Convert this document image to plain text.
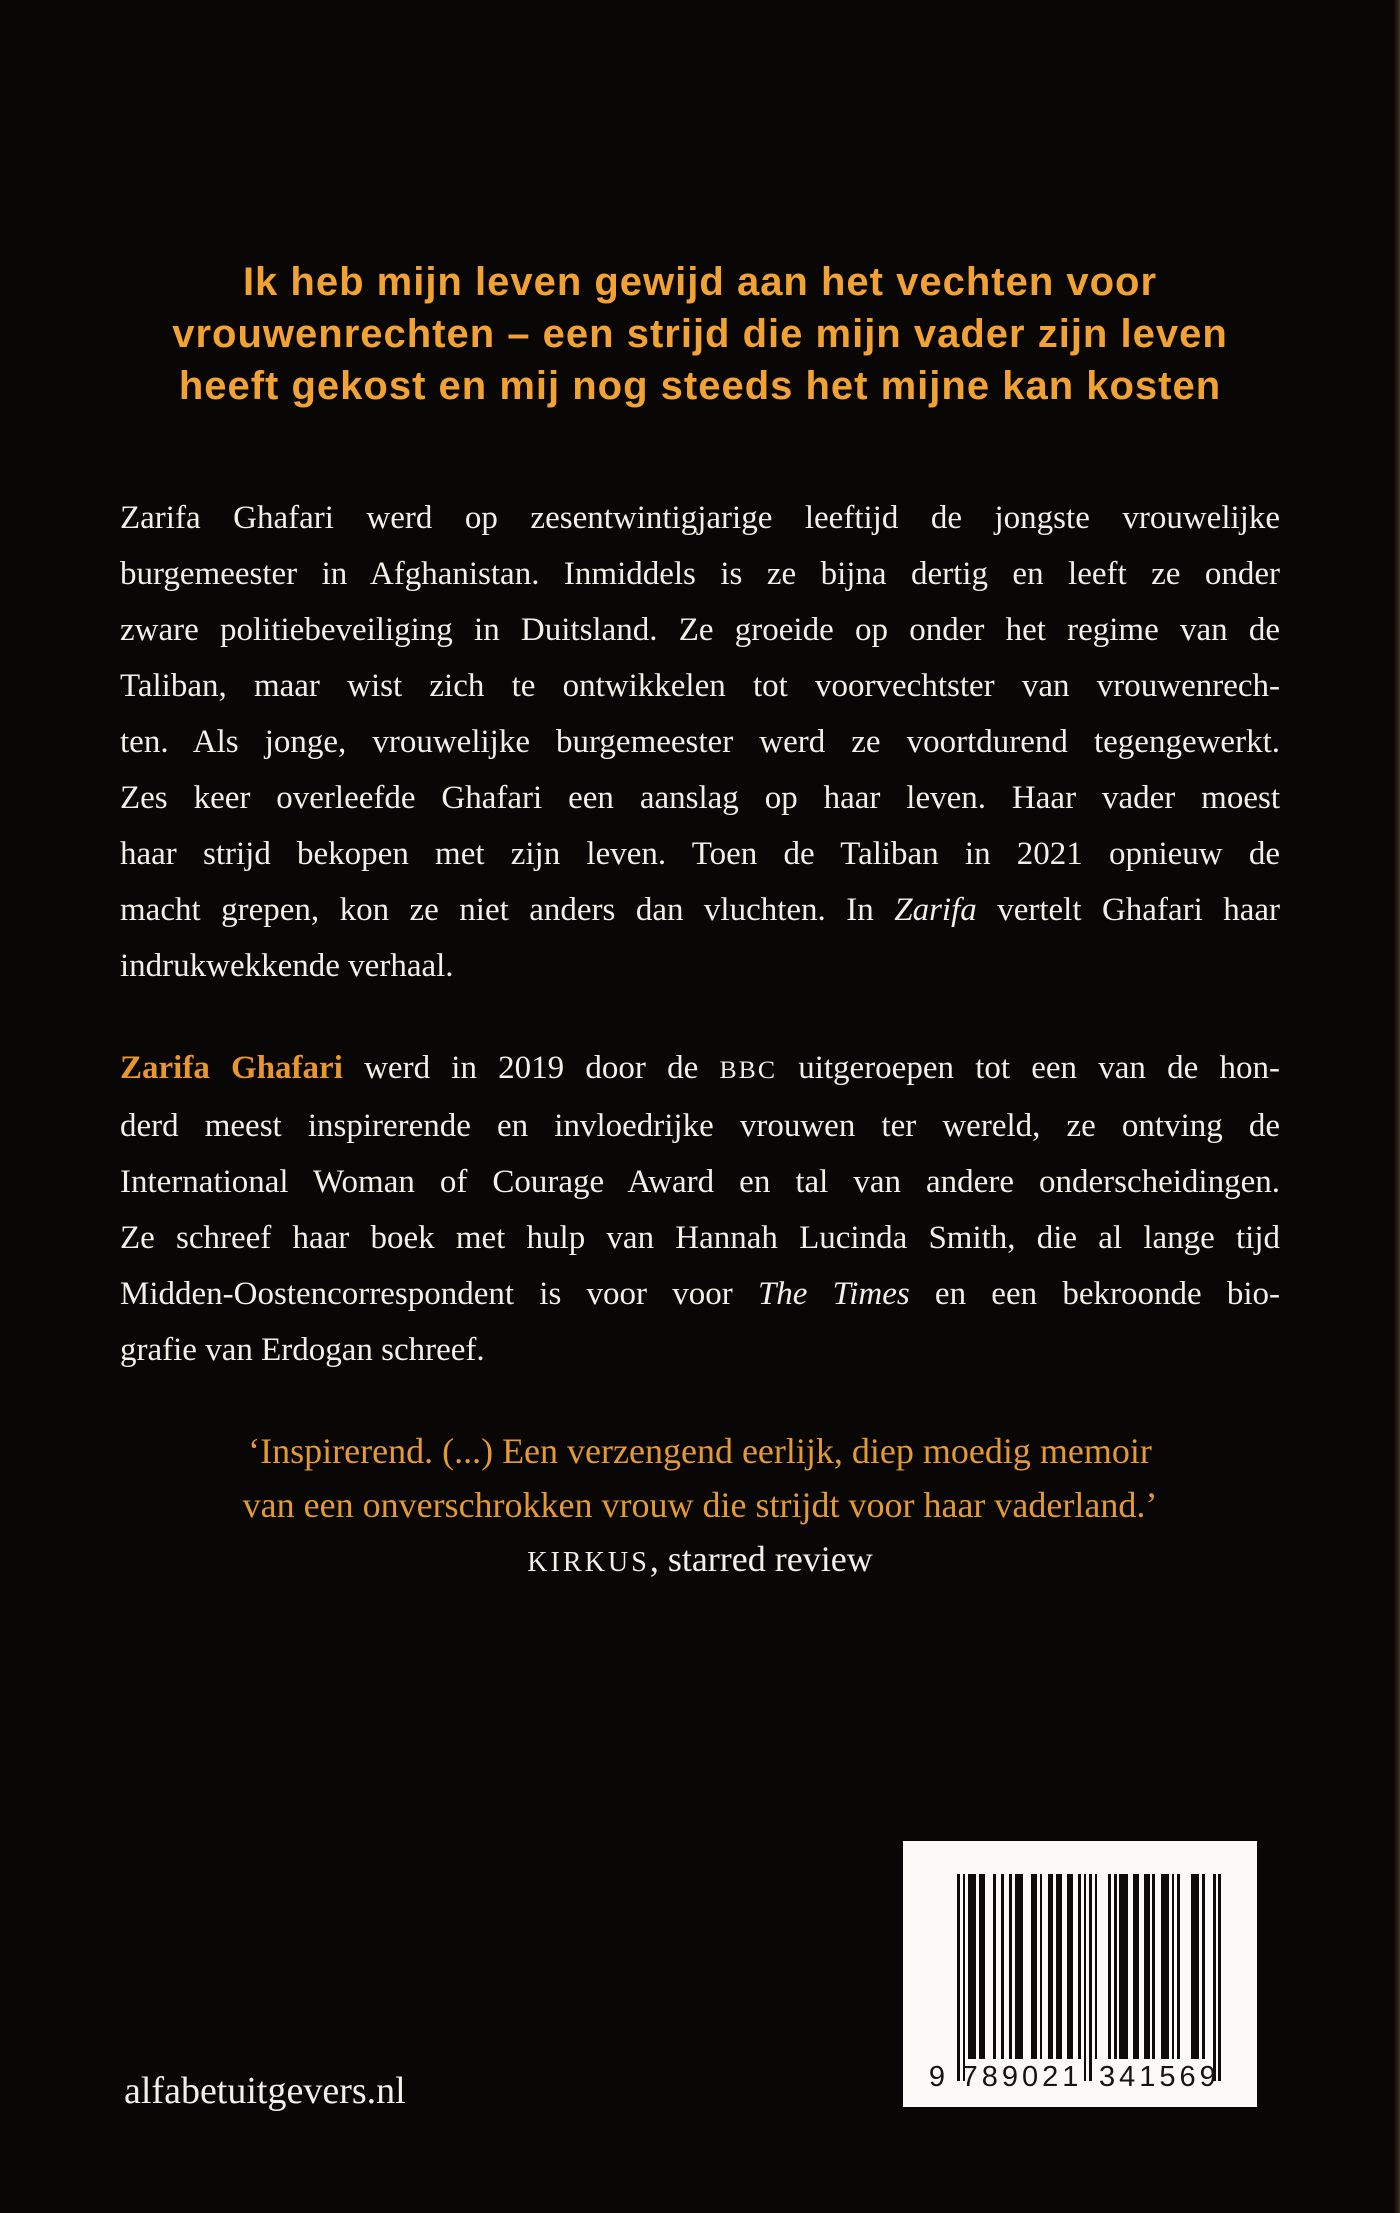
Ik heb mijn leven gewijd aan het vechten voor
vrouwenrechten – een strijd die mijn vader zijn leven
heeft gekost en mij nog steeds het mijne kan kosten
Zarifa Ghafari werd op zesentwintigjarige leeftijd de jongste vrouwelijke
burgemeester in Afghanistan. Inmiddels is ze bijna dertig en leeft ze onder
zware politiebeveiliging in Duitsland. Ze groeide op onder het regime van de
Taliban, maar wist zich te ontwikkelen tot voorvechtster van vrouwenrech-
ten. Als jonge, vrouwelijke burgemeester werd ze voortdurend tegengewerkt.
Zes keer overleefde Ghafari een aanslag op haar leven. Haar vader moest
haar strijd bekopen met zijn leven. Toen de Taliban in 2021 opnieuw de
macht grepen, kon ze niet anders dan vluchten. In Zarifa vertelt Ghafari haar
indrukwekkende verhaal.
Zarifa Ghafari werd in 2019 door de BBC uitgeroepen tot een van de hon-
derd meest inspirerende en invloedrijke vrouwen ter wereld, ze ontving de
International Woman of Courage Award en tal van andere onderscheidingen.
Ze schreef haar boek met hulp van Hannah Lucinda Smith, die al lange tijd
Midden-Oostencorrespondent is voor voor The Times en een bekroonde bio-
grafie van Erdogan schreef.
‘Inspirerend. (...) Een verzengend eerlijk, diep moedig memoir
van een onverschrokken vrouw die strijdt voor haar vaderland.’
KIRKUS, starred review
9 789021 341569
alfabetuitgevers.nl
